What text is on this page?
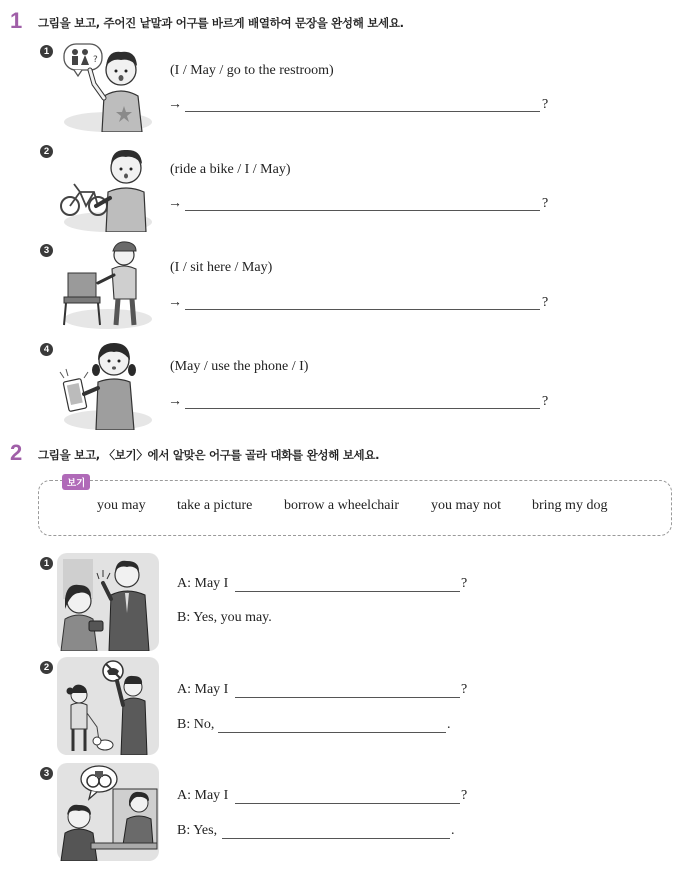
1 그림을 보고, 주어진 낱말과 어구를 바르게 배열하여 문장을 완성해 보세요.
1
?
(I / May / go to the restroom)
→	?
2
(ride a bike / I / May)
→	?
3
(I / sit here / May)
→	?
4
(May / use the phone / I)
→	?
2 그림을 보고, 〈보기〉에서 알맞은 어구를 골라 대화를 완성해 보세요.
보기
you may take a picture borrow a wheelchair you may not bring my dog
1
A: May I	?
B: Yes, you may.
2
A: May I	?
B: No,	.
3
A: May I	?
B: Yes,	.
